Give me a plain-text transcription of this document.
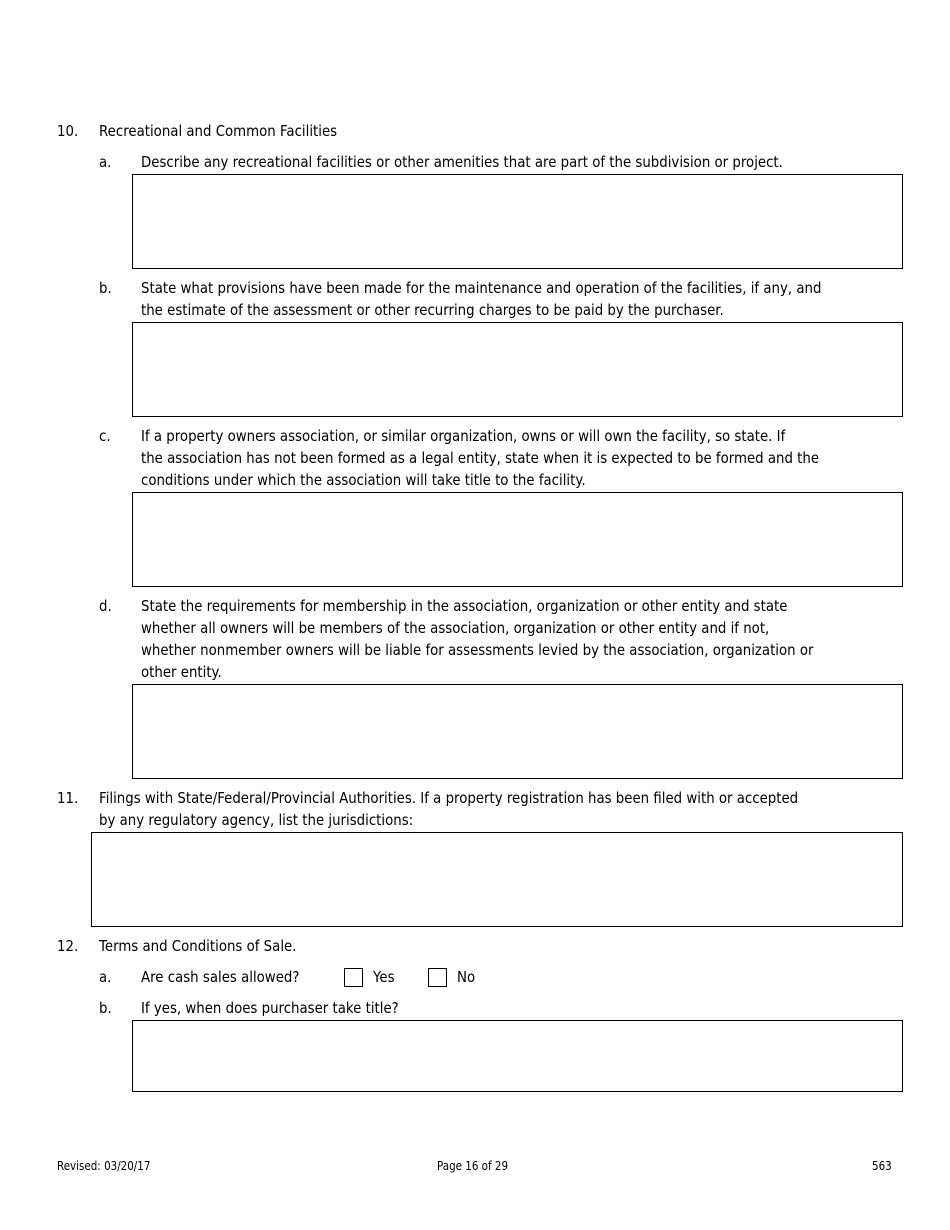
10. Recreational and Common Facilities
a. Describe any recreational facilities or other amenities that are part of the subdivision or project.
b. State what provisions have been made for the maintenance and operation of the facilities, if any, and
the estimate of the assessment or other recurring charges to be paid by the purchaser.
c. If a property owners association, or similar organization, owns or will own the facility, so state. If
the association has not been formed as a legal entity, state when it is expected to be formed and the
conditions under which the association will take title to the facility.
d. State the requirements for membership in the association, organization or other entity and state
whether all owners will be members of the association, organization or other entity and if not,
whether nonmember owners will be liable for assessments levied by the association, organization or
other entity.
11. Filings with State/Federal/Provincial Authorities. If a property registration has been filed with or accepted
by any regulatory agency, list the jurisdictions:
12. Terms and Conditions of Sale.
a. Are cash sales allowed?	Yes	No
b. If yes, when does purchaser take title?
Revised: 03/20/17	Page 16 of 29	563
